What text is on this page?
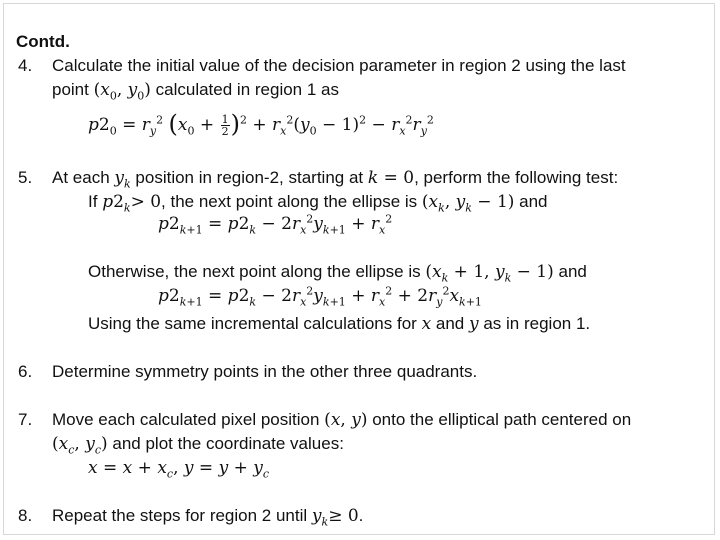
Contd.
4. Calculate the initial value of the decision parameter in region 2 using the last
point ($x_0$, $y_0$) calculated in region 1 as
$p2_0 = r_y^2$ $(x_0 + \frac{1}{2} )^2 + r_x^2(y_0 - 1)^2 - r_x^2r_y^2$
5. At each $y_k$ position in region-2, starting at k = 0, perform the following test:
If $p2_k> 0$, the next point along the ellipse is ($x_k$, $y_k - 1$) and
$p2_{k+1} = p2_k - 2r_x^2y_{k+1} + r_x^2$
Otherwise, the next point along the ellipse is ($x_k + 1$, $y_k - 1$) and
$p2_{k+1} = p2_k - 2r_x^2y_{k+1} + r_x^2 + 2r_y^2x_{k+1}$
Using the same incremental calculations for x and y as in region 1.
6. Determine symmetry points in the other three quadrants.
7. Move each calculated pixel position (x, y) onto the elliptical path centered on
($x_c$, $y_c$) and plot the coordinate values:
$x = x + x_c$, $y = y + y_c$
8. Repeat the steps for region 2 until $y_k\ge 0$.
